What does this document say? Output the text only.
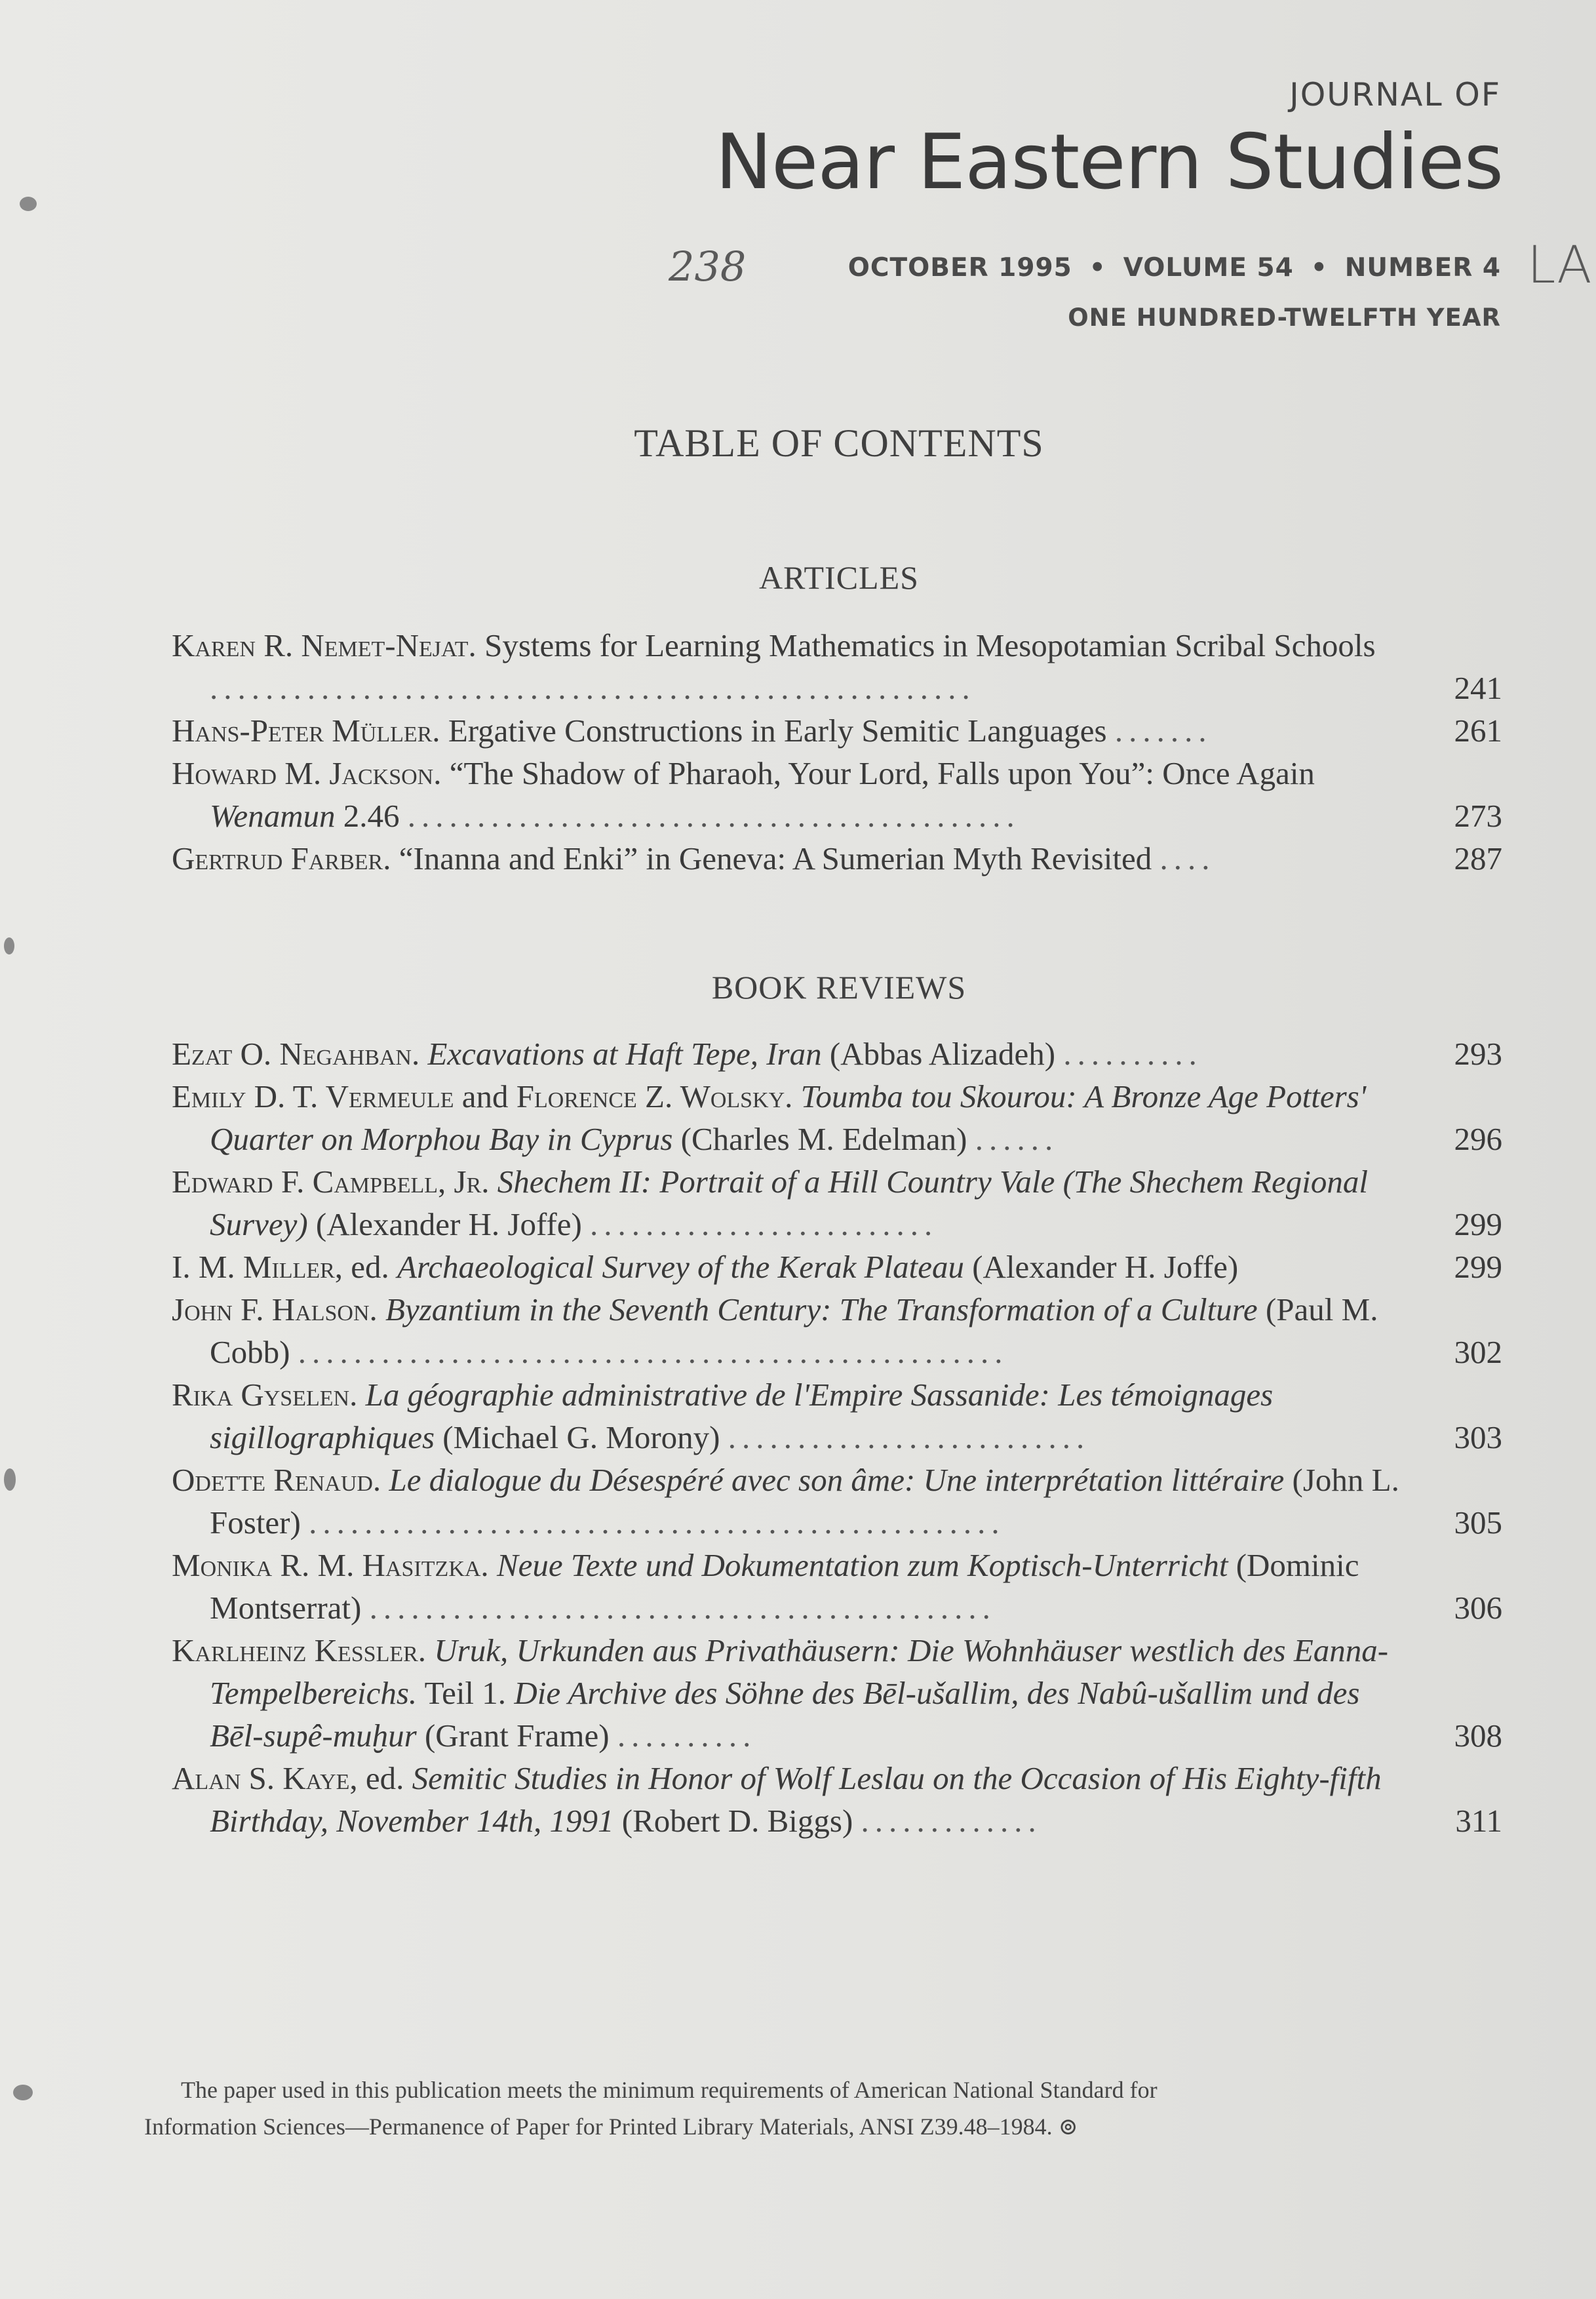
JOURNAL OF
Near Eastern Studies
238	LA
OCTOBER 1995 • VOLUME 54 • NUMBER 4
ONE HUNDRED-TWELFTH YEAR
TABLE OF CONTENTS
ARTICLES
Karen R. Nemet-Nejat. Systems for Learning Mathematics in Mesopotamian Scribal Schools .......................................................	241
Hans-Peter Müller. Ergative Constructions in Early Semitic Languages .......	261
Howard M. Jackson. “The Shadow of Pharaoh, Your Lord, Falls upon You”: Once Again Wenamun 2.46 ............................................	273
Gertrud Farber. “Inanna and Enki” in Geneva: A Sumerian Myth Revisited ....	287
BOOK REVIEWS
Ezat O. Negahban. Excavations at Haft Tepe, Iran (Abbas Alizadeh) ..........	293
Emily D. T. Vermeule and Florence Z. Wolsky. Toumba tou Skourou: A Bronze Age Potters' Quarter on Morphou Bay in Cyprus (Charles M. Edelman) ......	296
Edward F. Campbell, Jr. Shechem II: Portrait of a Hill Country Vale (The Shechem Regional Survey) (Alexander H. Joffe) .........................	299
I. M. Miller, ed. Archaeological Survey of the Kerak Plateau (Alexander H. Joffe)	299
John F. Halson. Byzantium in the Seventh Century: The Transformation of a Culture (Paul M. Cobb) ...................................................	302
Rika Gyselen. La géographie administrative de l'Empire Sassanide: Les témoignages sigillographiques (Michael G. Morony) ..........................	303
Odette Renaud. Le dialogue du Désespéré avec son âme: Une interprétation littéraire (John L. Foster) ..................................................	305
Monika R. M. Hasitzka. Neue Texte und Dokumentation zum Koptisch-Unterricht (Dominic Montserrat) .............................................	306
Karlheinz Kessler. Uruk, Urkunden aus Privathäusern: Die Wohnhäuser westlich des Eanna-Tempelbereichs. Teil 1. Die Archive des Söhne des Bēl-ušallim, des Nabû-ušallim und des Bēl-supê-muḫur (Grant Frame) ..........	308
Alan S. Kaye, ed. Semitic Studies in Honor of Wolf Leslau on the Occasion of His Eighty-fifth Birthday, November 14th, 1991 (Robert D. Biggs) .............	311
The paper used in this publication meets the minimum requirements of American National Standard for
Information Sciences—Permanence of Paper for Printed Library Materials, ANSI Z39.48–1984. ⊚
